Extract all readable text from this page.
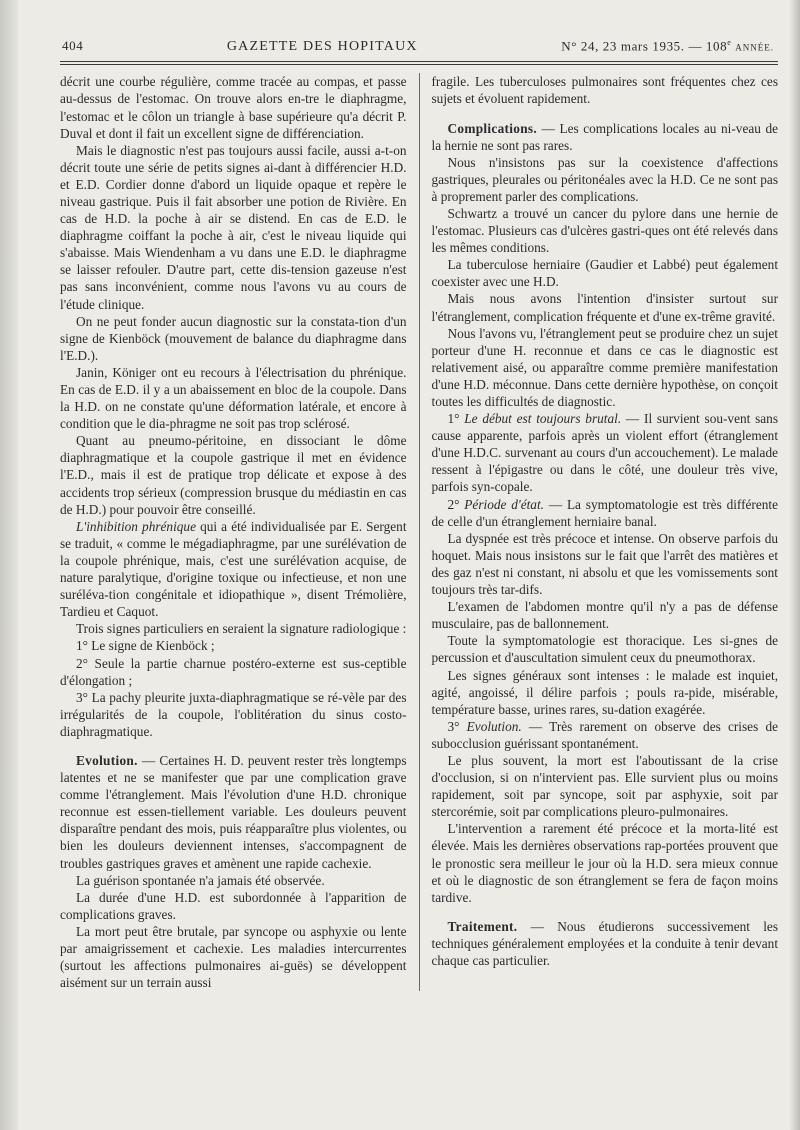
404	GAZETTE DES HOPITAUX	N° 24, 23 mars 1935. — 108e ANNÉE.

décrit une courbe régulière, comme tracée au compas, et passe au-dessus de l'estomac. On trouve alors en-tre le diaphragme, l'estomac et le côlon un triangle à base supérieure qu'a décrit P. Duval et dont il fait un excellent signe de différenciation.

Mais le diagnostic n'est pas toujours aussi facile, aussi a-t-on décrit toute une série de petits signes ai-dant à différencier H.D. et E.D. Cordier donne d'abord un liquide opaque et repère le niveau gastrique. Puis il fait absorber une potion de Rivière. En cas de H.D. la poche à air se distend. En cas de E.D. le diaphragme coiffant la poche à air, c'est le niveau liquide qui s'abaisse. Mais Wiendenham a vu dans une E.D. le diaphragme se laisser refouler. D'autre part, cette dis-tension gazeuse n'est pas sans inconvénient, comme nous l'avons vu au cours de l'étude clinique.

On ne peut fonder aucun diagnostic sur la constata-tion d'un signe de Kienböck (mouvement de balance du diaphragme dans l'E.D.).

Janin, Königer ont eu recours à l'électrisation du phrénique. En cas de E.D. il y a un abaissement en bloc de la coupole. Dans la H.D. on ne constate qu'une déformation latérale, et encore à condition que le dia-phragme ne soit pas trop sclérosé.

Quant au pneumo-péritoine, en dissociant le dôme diaphragmatique et la coupole gastrique il met en évidence l'E.D., mais il est de pratique trop délicate et expose à des accidents trop sérieux (compression brusque du médiastin en cas de H.D.) pour pouvoir être conseillé.

L'inhibition phrénique qui a été individualisée par E. Sergent se traduit, « comme le mégadiaphragme, par une surélévation de la coupole phrénique, mais, c'est une surélévation acquise, de nature paralytique, d'origine toxique ou infectieuse, et non une suréléva-tion congénitale et idiopathique », disent Trémolière, Tardieu et Caquot.

Trois signes particuliers en seraient la signature radiologique :

1° Le signe de Kienböck ;

2° Seule la partie charnue postéro-externe est sus-ceptible d'élongation ;

3° La pachy pleurite juxta-diaphragmatique se ré-vèle par des irrégularités de la coupole, l'oblitération du sinus costo-diaphragmatique.

Evolution. — Certaines H. D. peuvent rester très longtemps latentes et ne se manifester que par une complication grave comme l'étranglement. Mais l'évolution d'une H.D. chronique reconnue est essen-tiellement variable. Les douleurs peuvent disparaître pendant des mois, puis réapparaître plus violentes, ou bien les douleurs deviennent intenses, s'accompagnent de troubles gastriques graves et amènent une rapide cachexie.

La guérison spontanée n'a jamais été observée.

La durée d'une H.D. est subordonnée à l'apparition de complications graves.

La mort peut être brutale, par syncope ou asphyxie ou lente par amaigrissement et cachexie. Les maladies intercurrentes (surtout les affections pulmonaires ai-guës) se développent aisément sur un terrain aussi

fragile. Les tuberculoses pulmonaires sont fréquentes chez ces sujets et évoluent rapidement.

Complications. — Les complications locales au ni-veau de la hernie ne sont pas rares.

Nous n'insistons pas sur la coexistence d'affections gastriques, pleurales ou péritonéales avec la H.D. Ce ne sont pas à proprement parler des complications.

Schwartz a trouvé un cancer du pylore dans une hernie de l'estomac. Plusieurs cas d'ulcères gastri-ques ont été relevés dans les mêmes conditions.

La tuberculose herniaire (Gaudier et Labbé) peut également coexister avec une H.D.

Mais nous avons l'intention d'insister surtout sur l'étranglement, complication fréquente et d'une ex-trême gravité.

Nous l'avons vu, l'étranglement peut se produire chez un sujet porteur d'une H. reconnue et dans ce cas le diagnostic est relativement aisé, ou apparaître comme première manifestation d'une H.D. méconnue. Dans cette dernière hypothèse, on conçoit toutes les difficultés de diagnostic.

1° Le début est toujours brutal. — Il survient sou-vent sans cause apparente, parfois après un violent effort (étranglement d'une H.D.C. survenant au cours d'un accouchement). Le malade ressent à l'épigastre ou dans le côté, une douleur très vive, parfois syn-copale.

2° Période d'état. — La symptomatologie est très différente de celle d'un étranglement herniaire banal.

La dyspnée est très précoce et intense. On observe parfois du hoquet. Mais nous insistons sur le fait que l'arrêt des matières et des gaz n'est ni constant, ni absolu et que les vomissements sont toujours très tar-difs.

L'examen de l'abdomen montre qu'il n'y a pas de défense musculaire, pas de ballonnement.

Toute la symptomatologie est thoracique. Les si-gnes de percussion et d'auscultation simulent ceux du pneumothorax.

Les signes généraux sont intenses : le malade est inquiet, agité, angoissé, il délire parfois ; pouls ra-pide, misérable, température basse, urines rares, su-dation exagérée.

3° Evolution. — Très rarement on observe des crises de subocclusion guérissant spontanément.

Le plus souvent, la mort est l'aboutissant de la crise d'occlusion, si on n'intervient pas. Elle survient plus ou moins rapidement, soit par syncope, soit par asphyxie, soit par stercorémie, soit par complications pleuro-pulmonaires.

L'intervention a rarement été précoce et la morta-lité est élevée. Mais les dernières observations rap-portées prouvent que le pronostic sera meilleur le jour où la H.D. sera mieux connue et où le diagnostic de son étranglement se fera de façon moins tardive.

Traitement. — Nous étudierons successivement les techniques généralement employées et la conduite à tenir devant chaque cas particulier.
